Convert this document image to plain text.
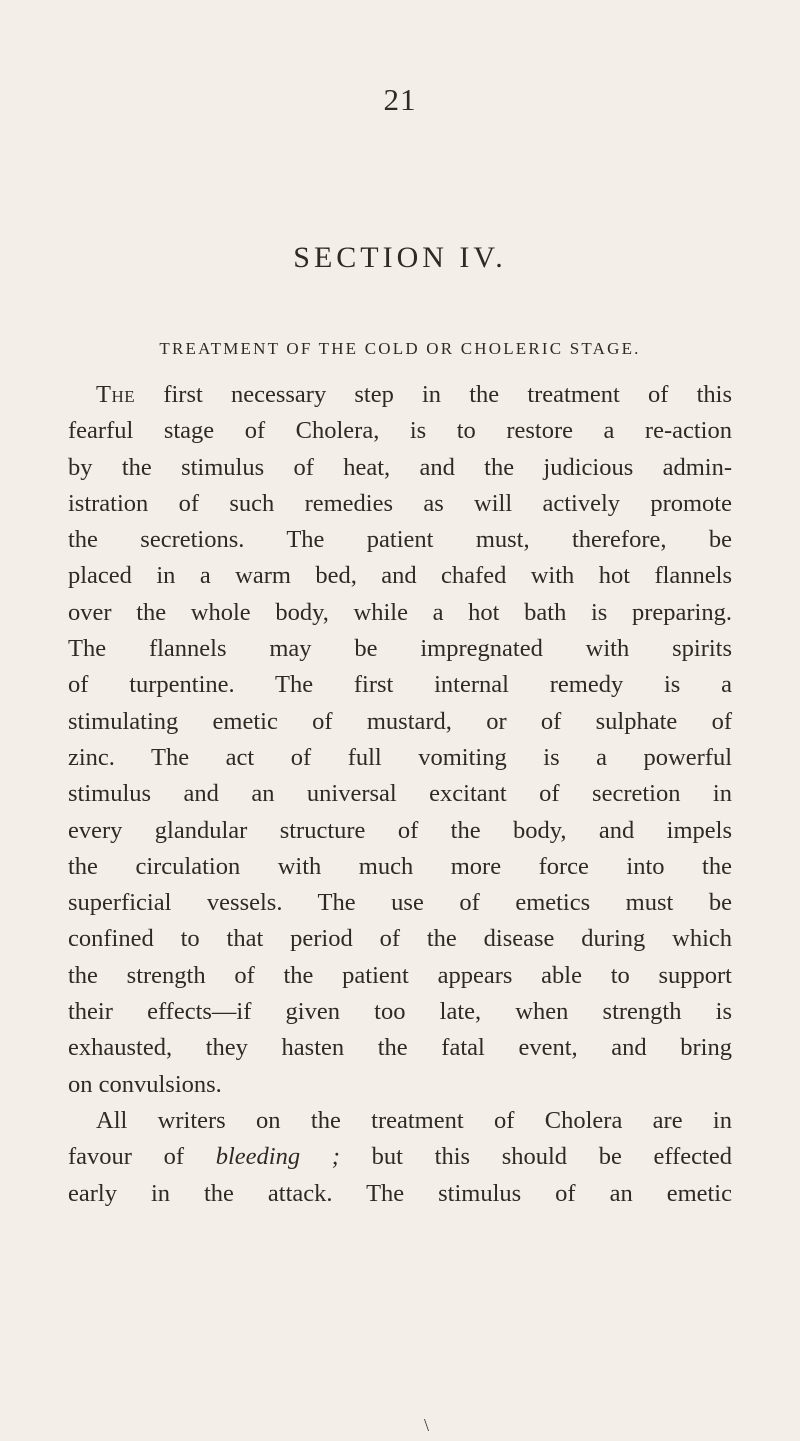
21
SECTION IV.
TREATMENT OF THE COLD OR CHOLERIC STAGE.

The first necessary step in the treatment of this
fearful stage of Cholera, is to restore a re-action
by the stimulus of heat, and the judicious admin-
istration of such remedies as will actively promote
the secretions. The patient must, therefore, be
placed in a warm bed, and chafed with hot flannels
over the whole body, while a hot bath is preparing.
The flannels may be impregnated with spirits
of turpentine. The first internal remedy is a
stimulating emetic of mustard, or of sulphate of
zinc. The act of full vomiting is a powerful
stimulus and an universal excitant of secretion in
every glandular structure of the body, and impels
the circulation with much more force into the
superficial vessels. The use of emetics must be
confined to that period of the disease during which
the strength of the patient appears able to support
their effects—if given too late, when strength is
exhausted, they hasten the fatal event, and bring
on convulsions.

All writers on the treatment of Cholera are in
favour of bleeding ; but this should be effected
early in the attack. The stimulus of an emetic

\
